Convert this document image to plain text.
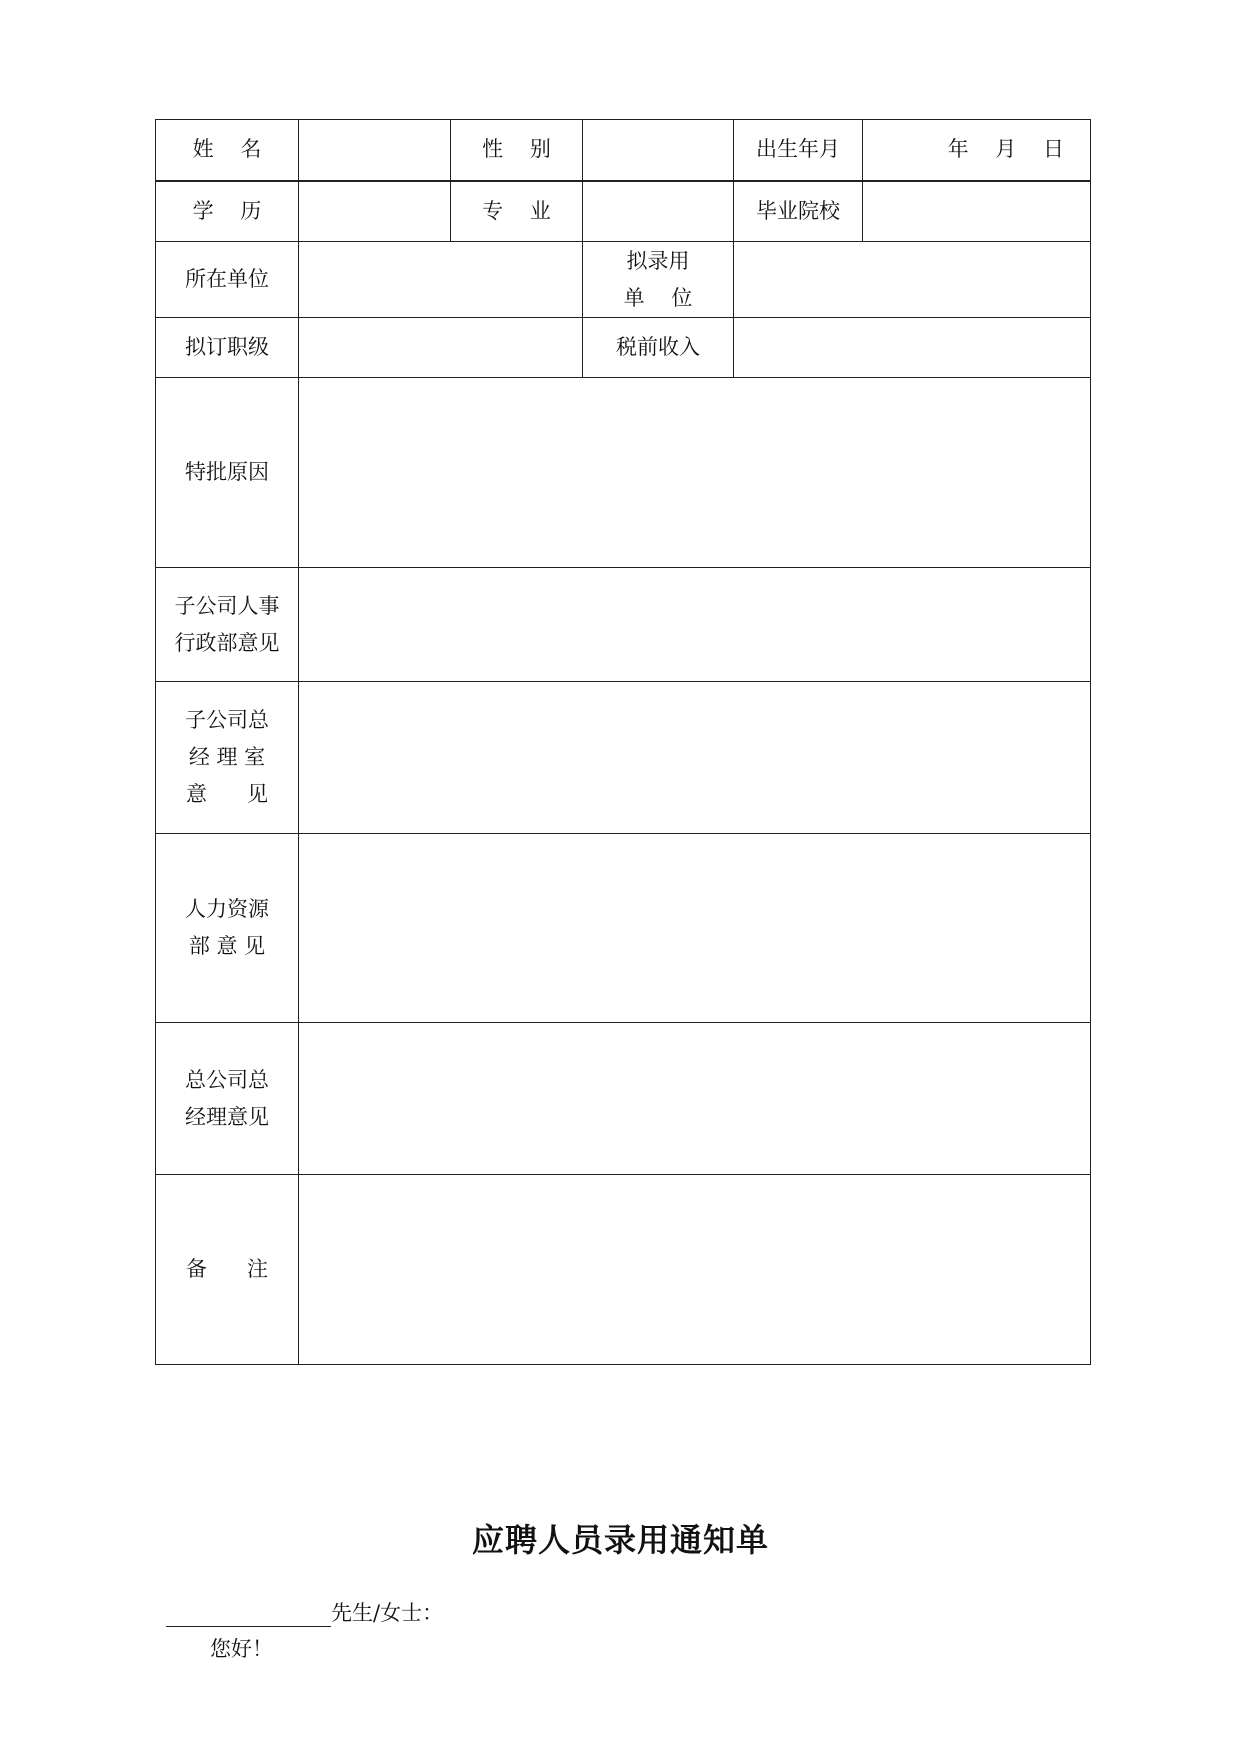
姓    名		性    别		出生年月	年    月    日
学    历		专    业		毕业院校	
所在单位			拟录用
单    位		
拟订职级			税前收入		
特批原因					
子公司人事
行政部意见					
子公司总
经 理 室
意      见					
人力资源
部 意 见					
总公司总
经理意见					
备      注					
应聘人员录用通知单
先生/女士：
您好！
